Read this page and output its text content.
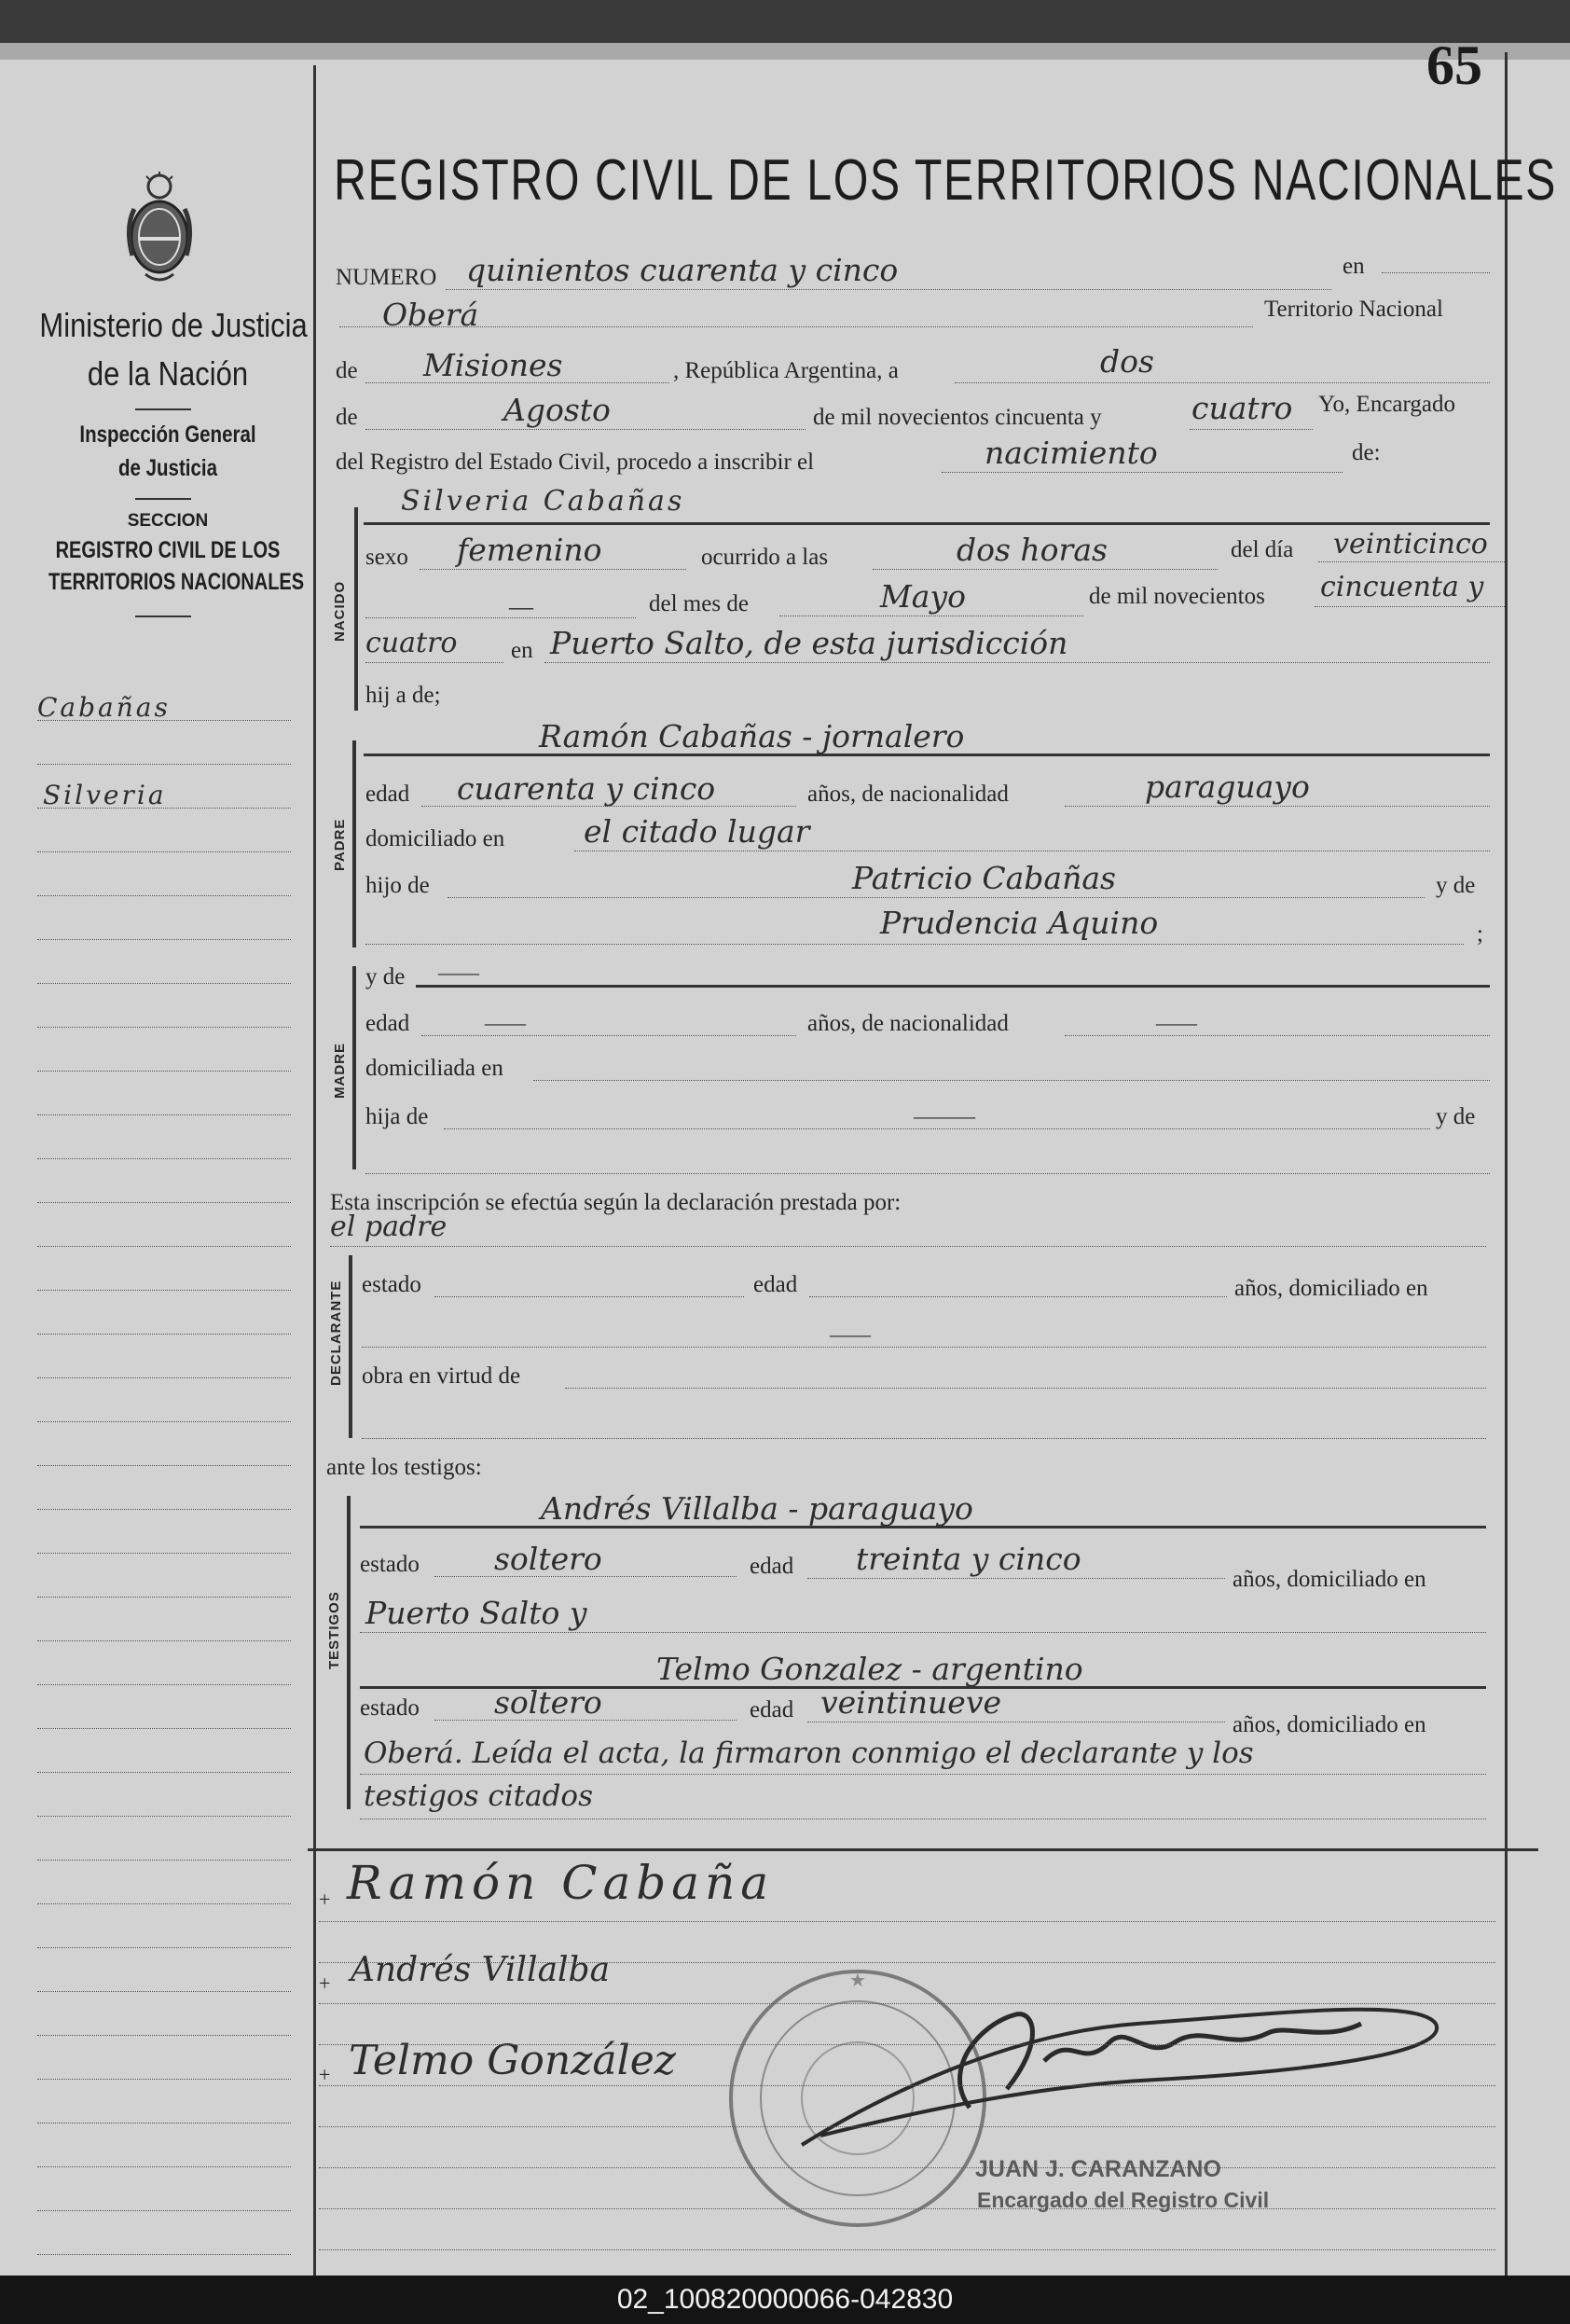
65
REGISTRO CIVIL DE LOS TERRITORIOS NACIONALES
Ministerio de Justicia
de la Nación
Inspección General
de Justicia
SECCION
REGISTRO CIVIL DE LOS
TERRITORIOS NACIONALES
Cabañas
Silveria
NUMERO quinientos cuarenta y cinco	en
Oberá	Territorio Nacional
de Misiones	, República Argentina, a	dos
de	Agosto	de mil novecientos cincuenta y	cuatro Yo, Encargado
del Registro del Estado Civil, procedo a inscribir el	nacimiento	de:
NACIDO
Silveria Cabañas
sexo femenino	ocurrido a las	dos horas	del día veinticinco
—	del mes de	Mayo	de mil novecientos cincuenta y
cuatro en Puerto Salto, de esta jurisdicción
hij a de;
PADRE
Ramón Cabañas - jornalero
edad cuarenta y cinco	años, de nacionalidad	paraguayo
domiciliado en	el citado lugar
hijo de	Patricio Cabañas	y de
Prudencia Aquino	;
MADRE
y de ——
edad	——	años, de nacionalidad	——
domiciliada en
hija de	———	y de
Esta inscripción se efectúa según la declaración prestada por:
el padre
DECLARANTE estado	edad	años, domiciliado en
——
obra en virtud de
ante los testigos:
TESTIGOS
Andrés Villalba - paraguayo
estado soltero	edad treinta y cinco
años, domiciliado en
Puerto Salto y
Telmo Gonzalez - argentino
estado soltero	edad veintinueve
años, domiciliado en
Oberá. Leída el acta, la firmaron conmigo el declarante y los
testigos citados
+ Ramón Cabaña
+ Andrés Villalba
+ Telmo González
★
JUAN J. CARANZANO
Encargado del Registro Civil
02_100820000066-042830
